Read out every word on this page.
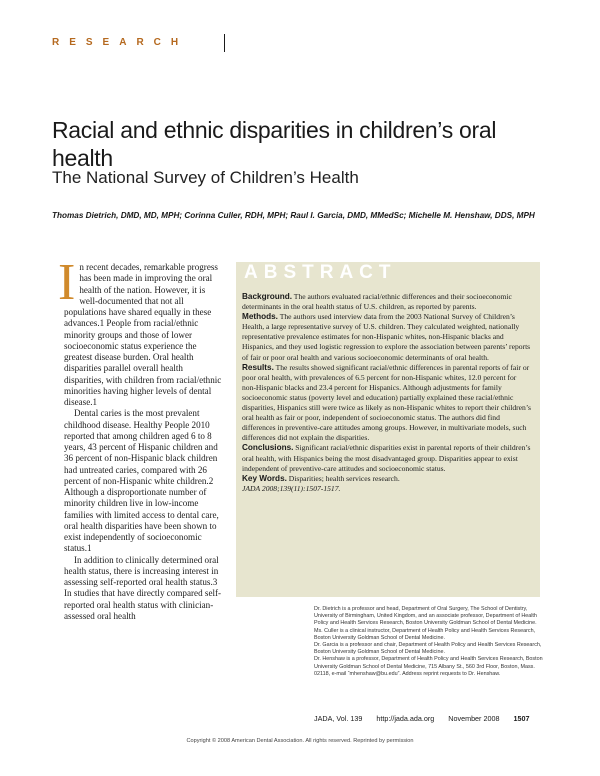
RESEARCH
Racial and ethnic disparities in children’s oral health
The National Survey of Children’s Health
Thomas Dietrich, DMD, MD, MPH; Corinna Culler, RDH, MPH; Raul I. Garcia, DMD, MMedSc; Michelle M. Henshaw, DDS, MPH

In recent decades, remarkable progress has been made in improving the oral health of the nation. However, it is well-documented that not all populations have shared equally in these advances.1 People from racial/ethnic minority groups and those of lower socioeconomic status experience the greatest disease burden. Oral health disparities parallel overall health disparities, with children from racial/ethnic minorities having higher levels of dental disease.1

Dental caries is the most prevalent childhood disease. Healthy People 2010 reported that among children aged 6 to 8 years, 43 percent of Hispanic children and 36 percent of non-Hispanic black children had untreated caries, compared with 26 percent of non-Hispanic white children.2 Although a disproportionate number of minority children live in low-income families with limited access to dental care, oral health disparities have been shown to exist independently of socioeconomic status.1

In addition to clinically determined oral health status, there is increasing interest in assessing self-reported oral health status.3 In studies that have directly compared self-reported oral health status with clinician-assessed oral health

ABSTRACT

Background. The authors evaluated racial/ethnic differences and their socioeconomic determinants in the oral health status of U.S. children, as reported by parents.

Methods. The authors used interview data from the 2003 National Survey of Children’s Health, a large representative survey of U.S. children. They calculated weighted, nationally representative prevalence estimates for non-Hispanic whites, non-Hispanic blacks and Hispanics, and they used logistic regression to explore the association between parents’ reports of fair or poor oral health and various socioeconomic determinants of oral health.

Results. The results showed significant racial/ethnic differences in parental reports of fair or poor oral health, with prevalences of 6.5 percent for non-Hispanic whites, 12.0 percent for non-Hispanic blacks and 23.4 percent for Hispanics. Although adjustments for family socioeconomic status (poverty level and education) partially explained these racial/ethnic disparities, Hispanics still were twice as likely as non-Hispanic whites to report their children’s oral health as fair or poor, independent of socioeconomic status. The authors did find differences in preventive-care attitudes among groups. However, in multivariate models, such differences did not explain the disparities.

Conclusions. Significant racial/ethnic disparities exist in parental reports of their children’s oral health, with Hispanics being the most disadvantaged group. Disparities appear to exist independent of preventive-care attitudes and socioeconomic status.

Key Words. Disparities; health services research.

JADA 2008;139(11):1507-1517.

Dr. Dietrich is a professor and head, Department of Oral Surgery, The School of Dentistry, University of Birmingham, United Kingdom, and an associate professor, Department of Health Policy and Health Services Research, Boston University Goldman School of Dental Medicine.

Ms. Culler is a clinical instructor, Department of Health Policy and Health Services Research, Boston University Goldman School of Dental Medicine.

Dr. Garcia is a professor and chair, Department of Health Policy and Health Services Research, Boston University Goldman School of Dental Medicine.

Dr. Henshaw is a professor, Department of Health Policy and Health Services Research, Boston University Goldman School of Dental Medicine, 715 Albany St., 560 3rd Floor, Boston, Mass. 02118, e-mail “mhenshaw@bu.edu”. Address reprint requests to Dr. Henshaw.

JADA, Vol. 139 http://jada.ada.org November 2008 1507
Copyright © 2008 American Dental Association. All rights reserved. Reprinted by permission
